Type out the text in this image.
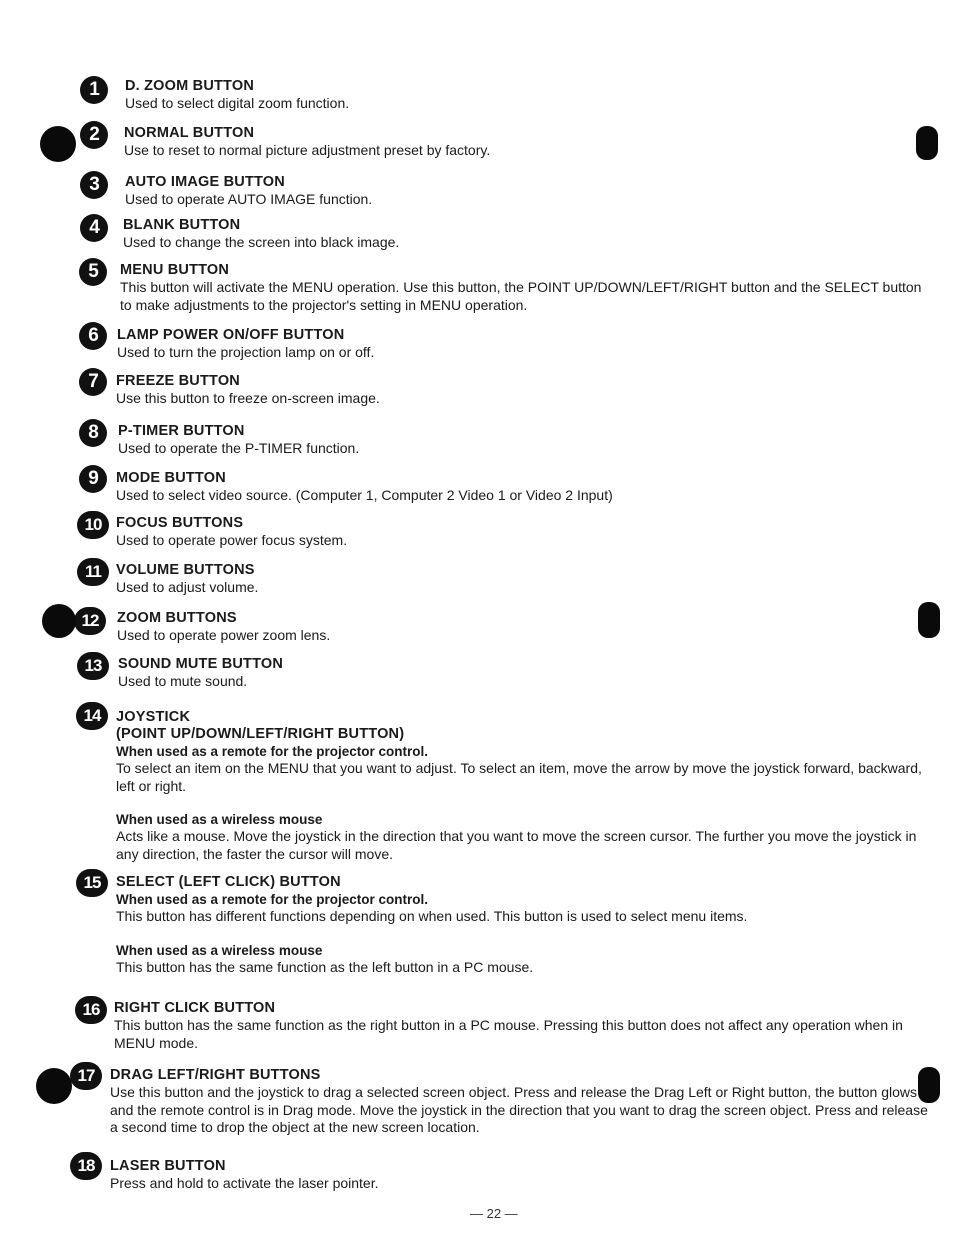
1	D. ZOOM BUTTON
Used to select digital zoom function.
2	NORMAL BUTTON
Use to reset to normal picture adjustment preset by factory.
3	AUTO IMAGE BUTTON
Used to operate AUTO IMAGE function.
4	BLANK BUTTON
Used to change the screen into black image.
5	MENU BUTTON
This button will activate the MENU operation. Use this button, the POINT UP/DOWN/LEFT/RIGHT button and the SELECT button to make adjustments to the projector's setting in MENU operation.
6	LAMP POWER ON/OFF BUTTON
Used to turn the projection lamp on or off.
7	FREEZE BUTTON
Use this button to freeze on-screen image.
8	P-TIMER BUTTON
Used to operate the P-TIMER function.
9	MODE BUTTON
Used to select video source. (Computer 1, Computer 2 Video 1 or Video 2 Input)
10	FOCUS BUTTONS
Used to operate power focus system.
11	VOLUME BUTTONS
Used to adjust volume.
12	ZOOM BUTTONS
Used to operate power zoom lens.
13	SOUND MUTE BUTTON
Used to mute sound.
14	JOYSTICK
(POINT UP/DOWN/LEFT/RIGHT BUTTON)
When used as a remote for the projector control.
To select an item on the MENU that you want to adjust. To select an item, move the arrow by move the joystick forward, backward, left or right.
When used as a wireless mouse
Acts like a mouse. Move the joystick in the direction that you want to move the screen cursor. The further you move the joystick in any direction, the faster the cursor will move.
15	SELECT (LEFT CLICK) BUTTON
When used as a remote for the projector control.
This button has different functions depending on when used. This button is used to select menu items.
When used as a wireless mouse
This button has the same function as the left button in a PC mouse.
16	RIGHT CLICK BUTTON
This button has the same function as the right button in a PC mouse. Pressing this button does not affect any operation when in MENU mode.
17	DRAG LEFT/RIGHT BUTTONS
Use this button and the joystick to drag a selected screen object. Press and release the Drag Left or Right button, the button glows and the remote control is in Drag mode. Move the joystick in the direction that you want to drag the screen object. Press and release a second time to drop the object at the new screen location.
18	LASER BUTTON
Press and hold to activate the laser pointer.
— 22 —
